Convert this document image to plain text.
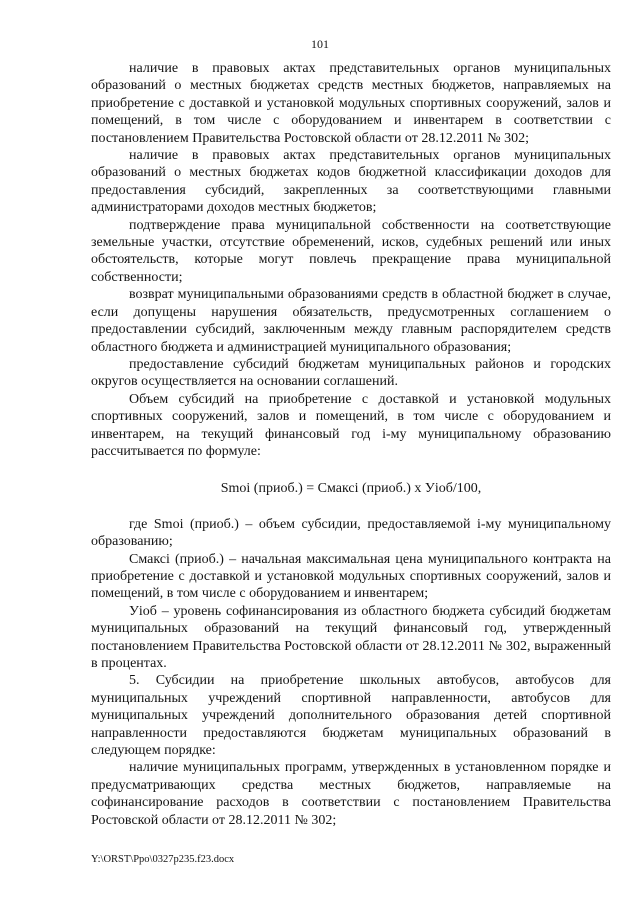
101

наличие в правовых актах представительных органов муниципальных образований о местных бюджетах средств местных бюджетов, направляемых на приобретение с доставкой и установкой модульных спортивных сооружений, залов и помещений, в том числе с оборудованием и инвентарем в соответствии с постановлением Правительства Ростовской области от 28.12.2011 № 302;

наличие в правовых актах представительных органов муниципальных образований о местных бюджетах кодов бюджетной классификации доходов для предоставления субсидий, закрепленных за соответствующими главными администраторами доходов местных бюджетов;

подтверждение права муниципальной собственности на соответствующие земельные участки, отсутствие обременений, исков, судебных решений или иных обстоятельств, которые могут повлечь прекращение права муниципальной собственности;

возврат муниципальными образованиями средств в областной бюджет в случае, если допущены нарушения обязательств, предусмотренных соглашением о предоставлении субсидий, заключенным между главным распорядителем средств областного бюджета и администрацией муниципального образования;

предоставление субсидий бюджетам муниципальных районов и городских округов осуществляется на основании соглашений.

Объем субсидий на приобретение с доставкой и установкой модульных спортивных сооружений, залов и помещений, в том числе с оборудованием и инвентарем, на текущий финансовый год i-му муниципальному образованию рассчитывается по формуле:

Smoi (приоб.) = Смаксi (приоб.) х Уioб/100,

где Smoi (приоб.) – объем субсидии, предоставляемой i-му муниципальному образованию;

Смаксi (приоб.) – начальная максимальная цена муниципального контракта на приобретение с доставкой и установкой модульных спортивных сооружений, залов и помещений, в том числе с оборудованием и инвентарем;

Уioб – уровень софинансирования из областного бюджета субсидий бюджетам муниципальных образований на текущий финансовый год, утвержденный постановлением Правительства Ростовской области от 28.12.2011 № 302, выраженный в процентах.

5. Субсидии на приобретение школьных автобусов, автобусов для муниципальных учреждений спортивной направленности, автобусов для муниципальных учреждений дополнительного образования детей спортивной направленности предоставляются бюджетам муниципальных образований в следующем порядке:

наличие муниципальных программ, утвержденных в установленном порядке и предусматривающих средства местных бюджетов, направляемые на софинансирование расходов в соответствии с постановлением Правительства Ростовской области от 28.12.2011 № 302;

Y:\ORST\Ppo\0327p235.f23.docx
